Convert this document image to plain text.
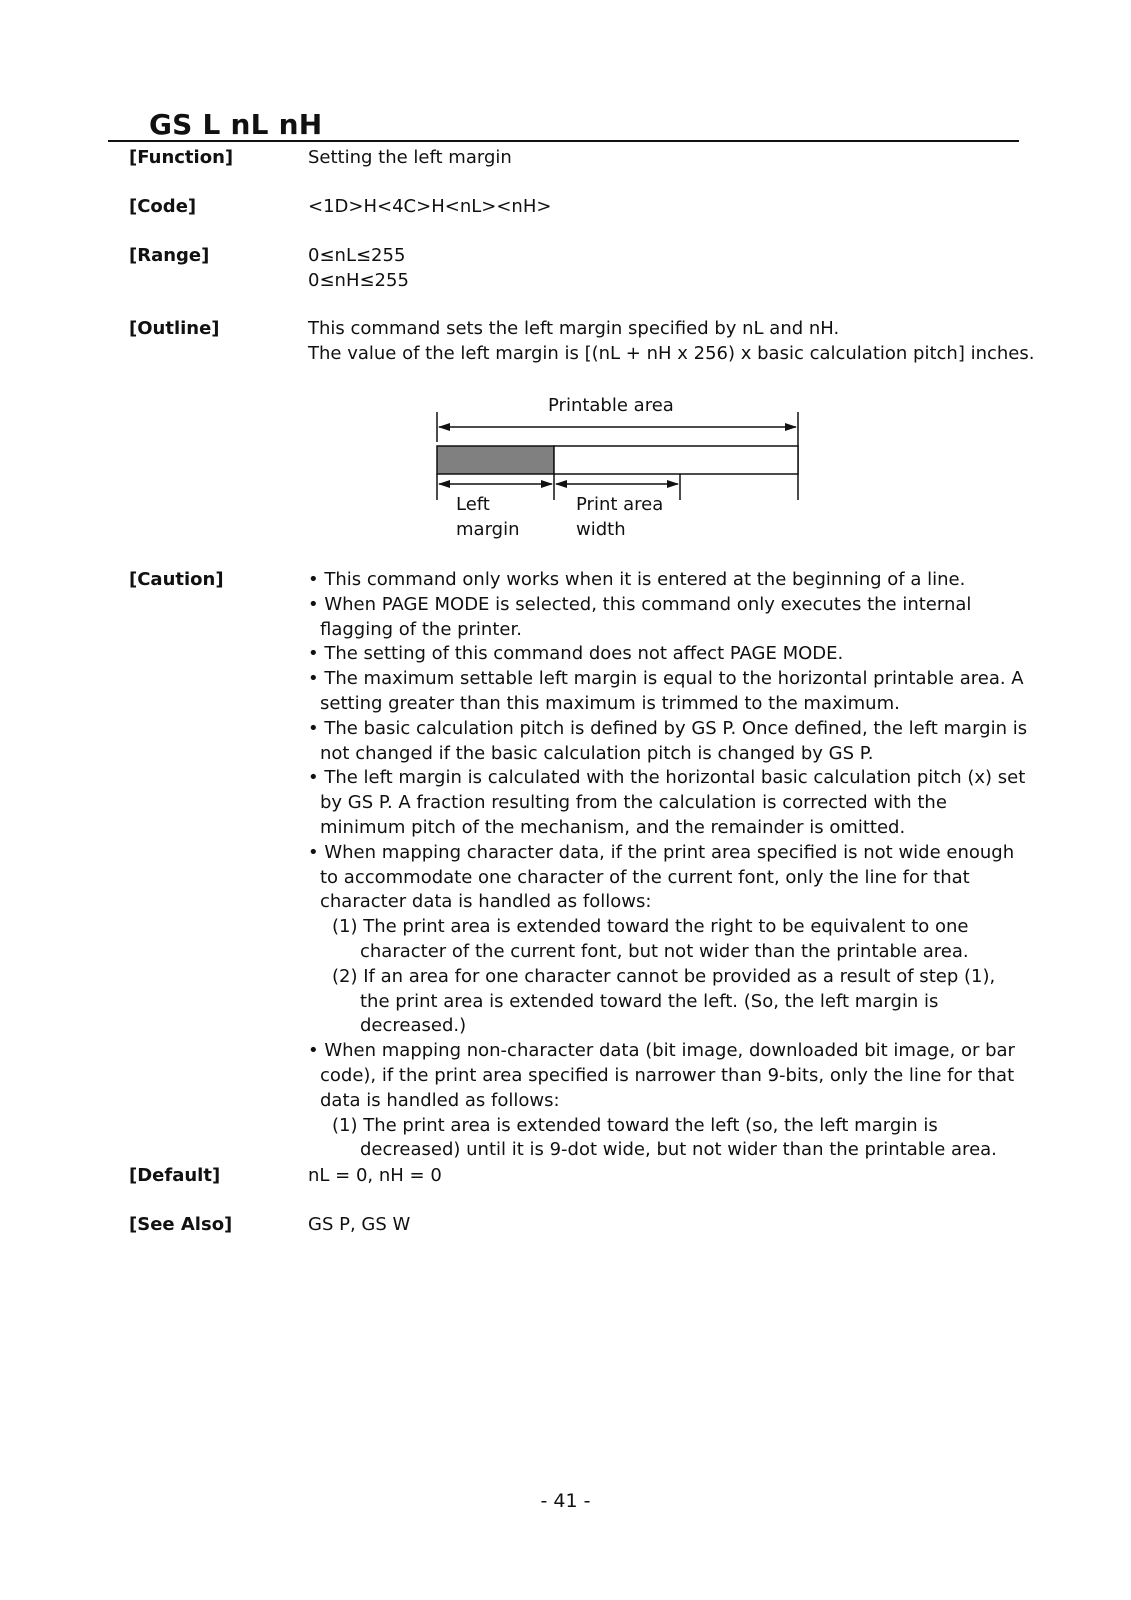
GS L nL nH
[Function]	Setting the left margin
[Code]	<1D>H<4C>H<nL><nH>
[Range]	0≤nL≤255
0≤nH≤255
[Outline]	This command sets the left margin specified by nL and nH.
The value of the left margin is [(nL + nH x 256) x basic calculation pitch] inches.
Printable area
Left
margin
Print area
width
[Caution]	• This command only works when it is entered at the beginning of a line.
• When PAGE MODE is selected, this command only executes the internal flagging of the printer.
• The setting of this command does not affect PAGE MODE.
• The maximum settable left margin is equal to the horizontal printable area. A setting greater than this maximum is trimmed to the maximum.
• The basic calculation pitch is defined by GS P. Once defined, the left margin is not changed if the basic calculation pitch is changed by GS P.
• The left margin is calculated with the horizontal basic calculation pitch (x) set by GS P. A fraction resulting from the calculation is corrected with the minimum pitch of the mechanism, and the remainder is omitted.
• When mapping character data, if the print area specified is not wide enough to accommodate one character of the current font, only the line for that character data is handled as follows:
(1) The print area is extended toward the right to be equivalent to one character of the current font, but not wider than the printable area.
(2) If an area for one character cannot be provided as a result of step (1), the print area is extended toward the left. (So, the left margin is decreased.)
• When mapping non-character data (bit image, downloaded bit image, or bar code), if the print area specified is narrower than 9-bits, only the line for that data is handled as follows:
(1) The print area is extended toward the left (so, the left margin is decreased) until it is 9-dot wide, but not wider than the printable area.
[Default]	nL = 0, nH = 0
[See Also]	GS P, GS W
- 41 -
